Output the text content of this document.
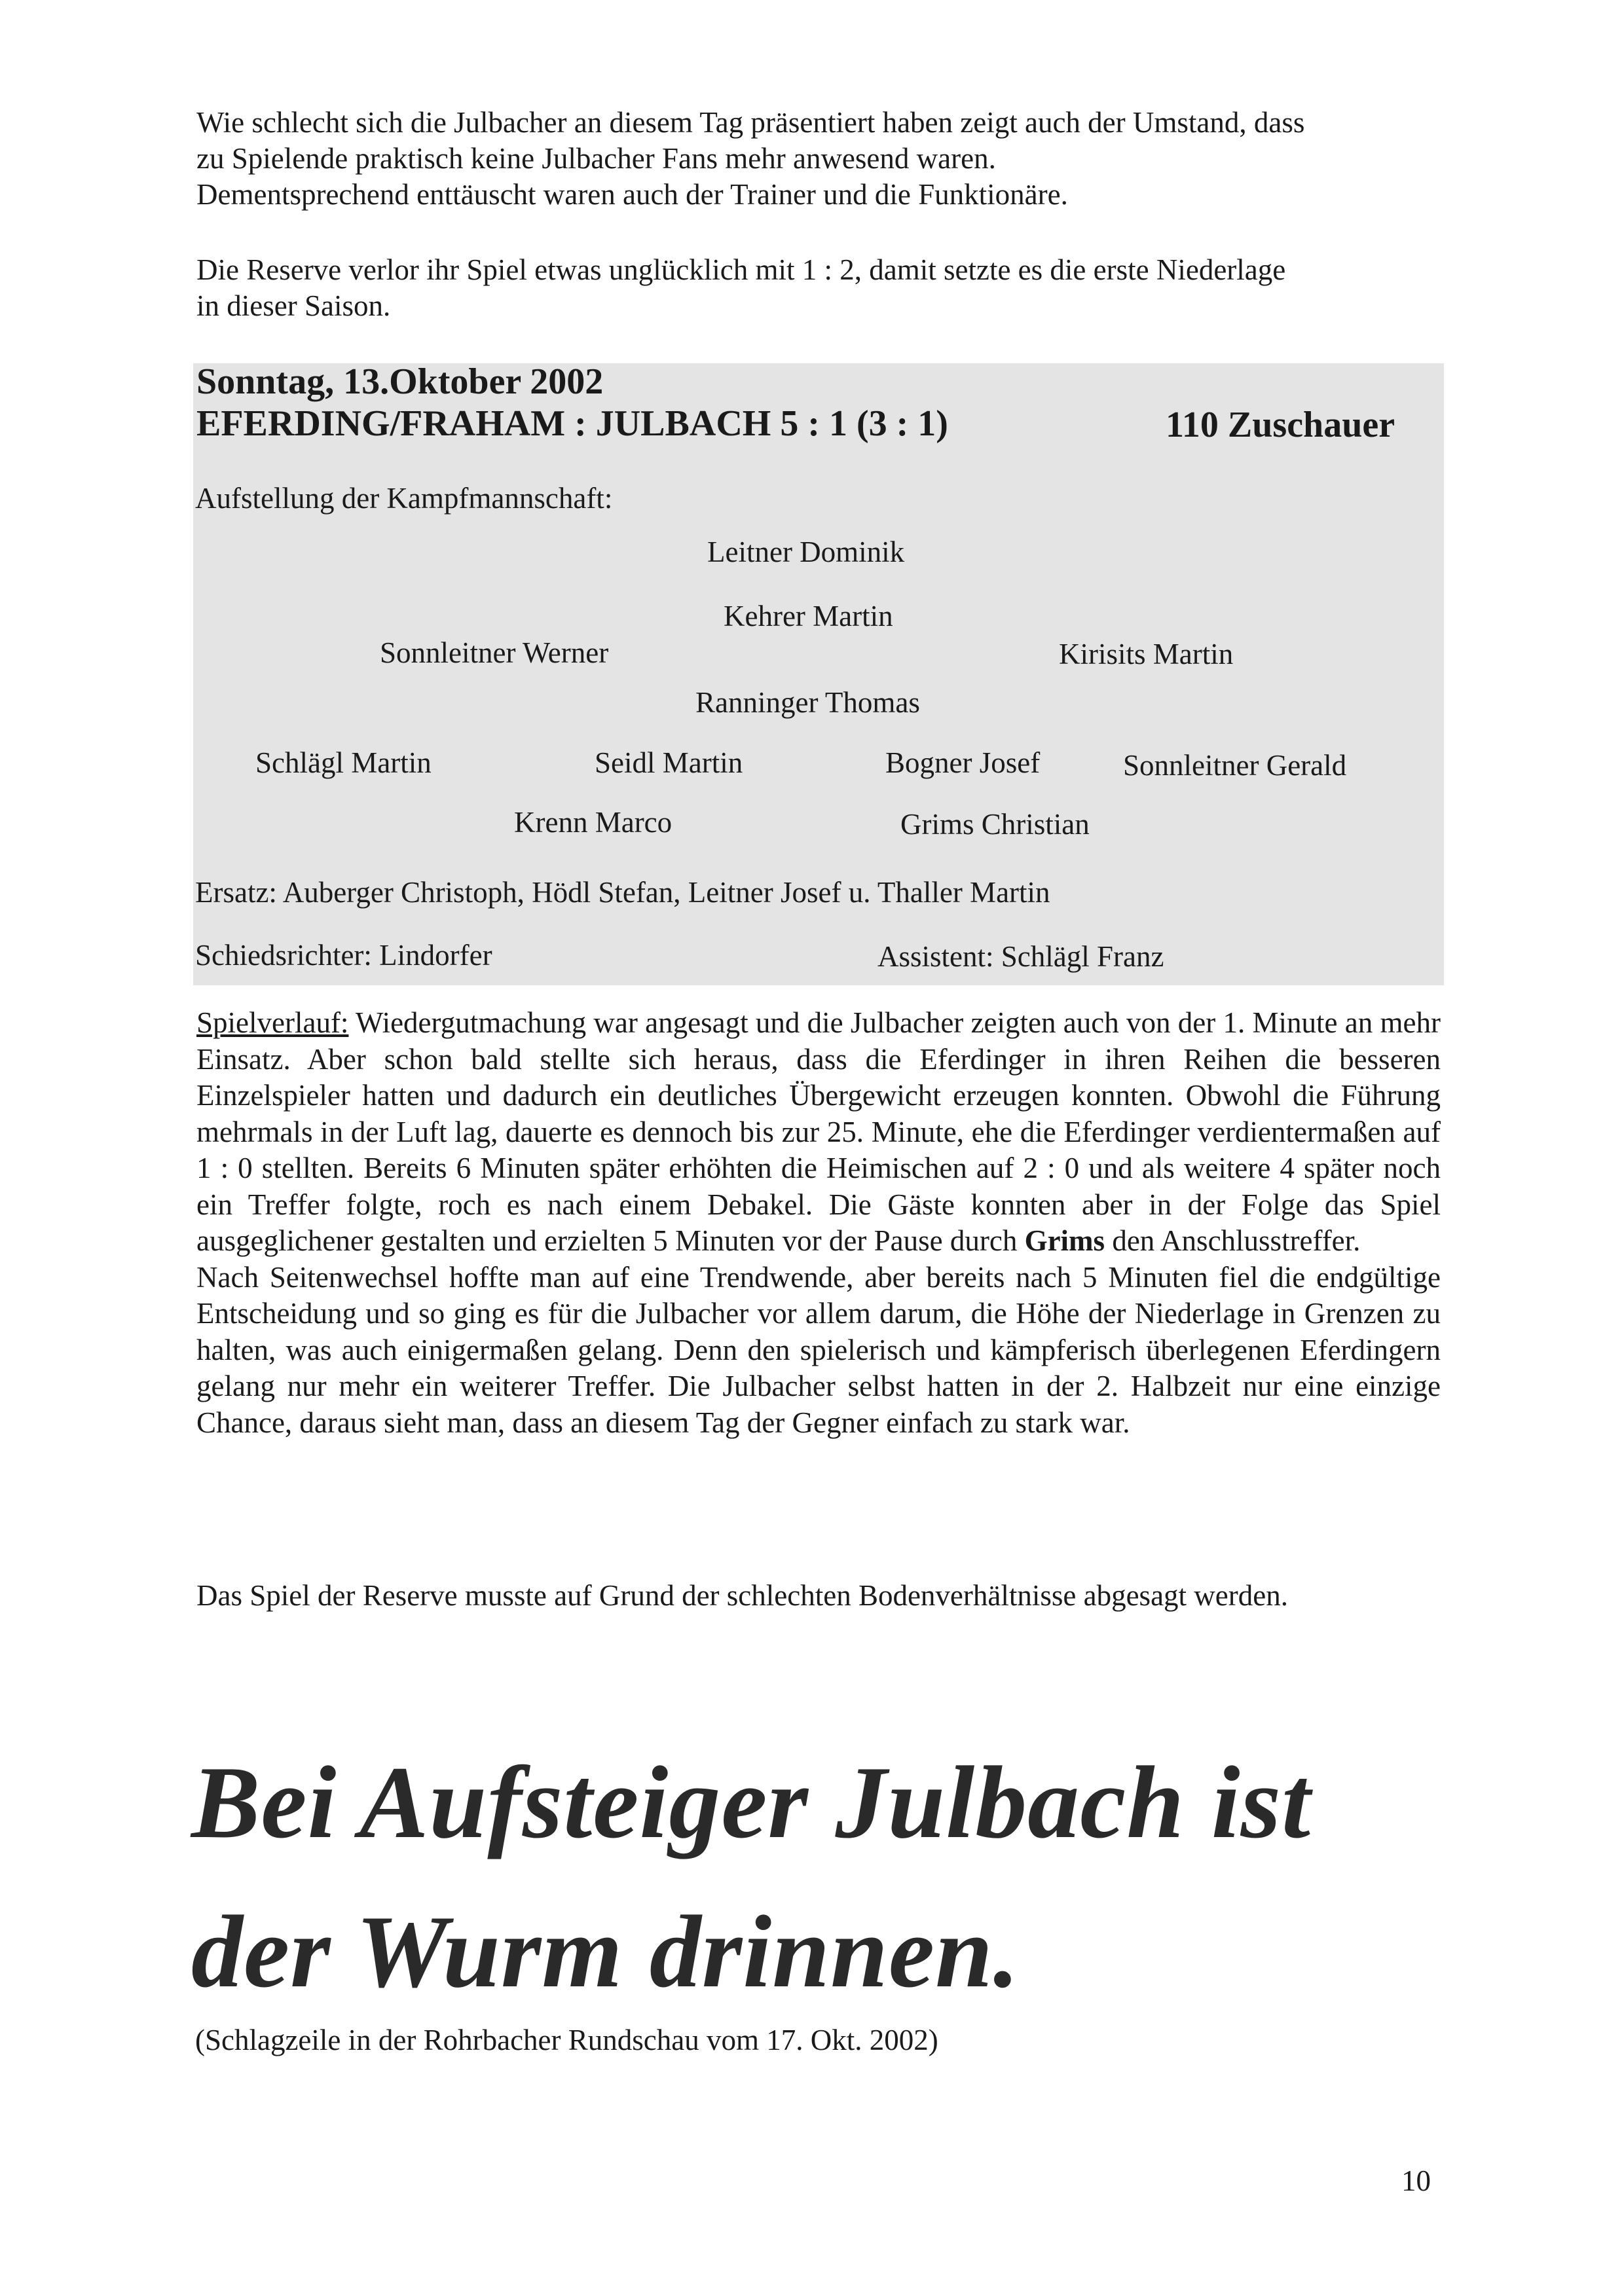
Wie schlecht sich die Julbacher an diesem Tag präsentiert haben zeigt auch der Umstand, dass

zu Spielende praktisch keine Julbacher Fans mehr anwesend waren.

Dementsprechend enttäuscht waren auch der Trainer und die Funktionäre.

Die Reserve verlor ihr Spiel etwas unglücklich mit 1 : 2, damit setzte es die erste Niederlage

in dieser Saison.

Sonntag, 13.Oktober 2002
EFERDING/FRAHAM : JULBACH 5 : 1 (3 : 1)	110 Zuschauer
Aufstellung der Kampfmannschaft:
Leitner Dominik
Kehrer Martin
Sonnleitner Werner	Kirisits Martin
Ranninger Thomas
Schlägl Martin	Seidl Martin	Bogner Josef	Sonnleitner Gerald
Krenn Marco	Grims Christian
Ersatz: Auberger Christoph, Hödl Stefan, Leitner Josef u. Thaller Martin
Schiedsrichter: Lindorfer	Assistent: Schlägl Franz

Spielverlauf: Wiedergutmachung war angesagt und die Julbacher zeigten auch von der 1. Minute an mehr Einsatz. Aber schon bald stellte sich heraus, dass die Eferdinger in ihren Reihen die besseren Einzelspieler hatten und dadurch ein deutliches Übergewicht erzeugen konnten. Obwohl die Führung mehrmals in der Luft lag, dauerte es dennoch bis zur 25. Minute, ehe die Eferdinger verdientermaßen auf 1 : 0 stellten. Bereits 6 Minuten später erhöhten die Heimischen auf 2 : 0 und als weitere 4 später noch ein Treffer folgte, roch es nach einem Debakel. Die Gäste konnten aber in der Folge das Spiel ausgeglichener gestalten und erzielten 5 Minuten vor der Pause durch Grims den Anschlusstreffer.

Nach Seitenwechsel hoffte man auf eine Trendwende, aber bereits nach 5 Minuten fiel die endgültige Entscheidung und so ging es für die Julbacher vor allem darum, die Höhe der Niederlage in Grenzen zu halten, was auch einigermaßen gelang. Denn den spielerisch und kämpferisch überlegenen Eferdingern gelang nur mehr ein weiterer Treffer. Die Julbacher selbst hatten in der 2. Halbzeit nur eine einzige Chance, daraus sieht man, dass an diesem Tag der Gegner einfach zu stark war.

Das Spiel der Reserve musste auf Grund der schlechten Bodenverhältnisse abgesagt werden.
Bei Aufsteiger Julbach ist
der Wurm drinnen.
(Schlagzeile in der Rohrbacher Rundschau vom 17. Okt. 2002)
10
